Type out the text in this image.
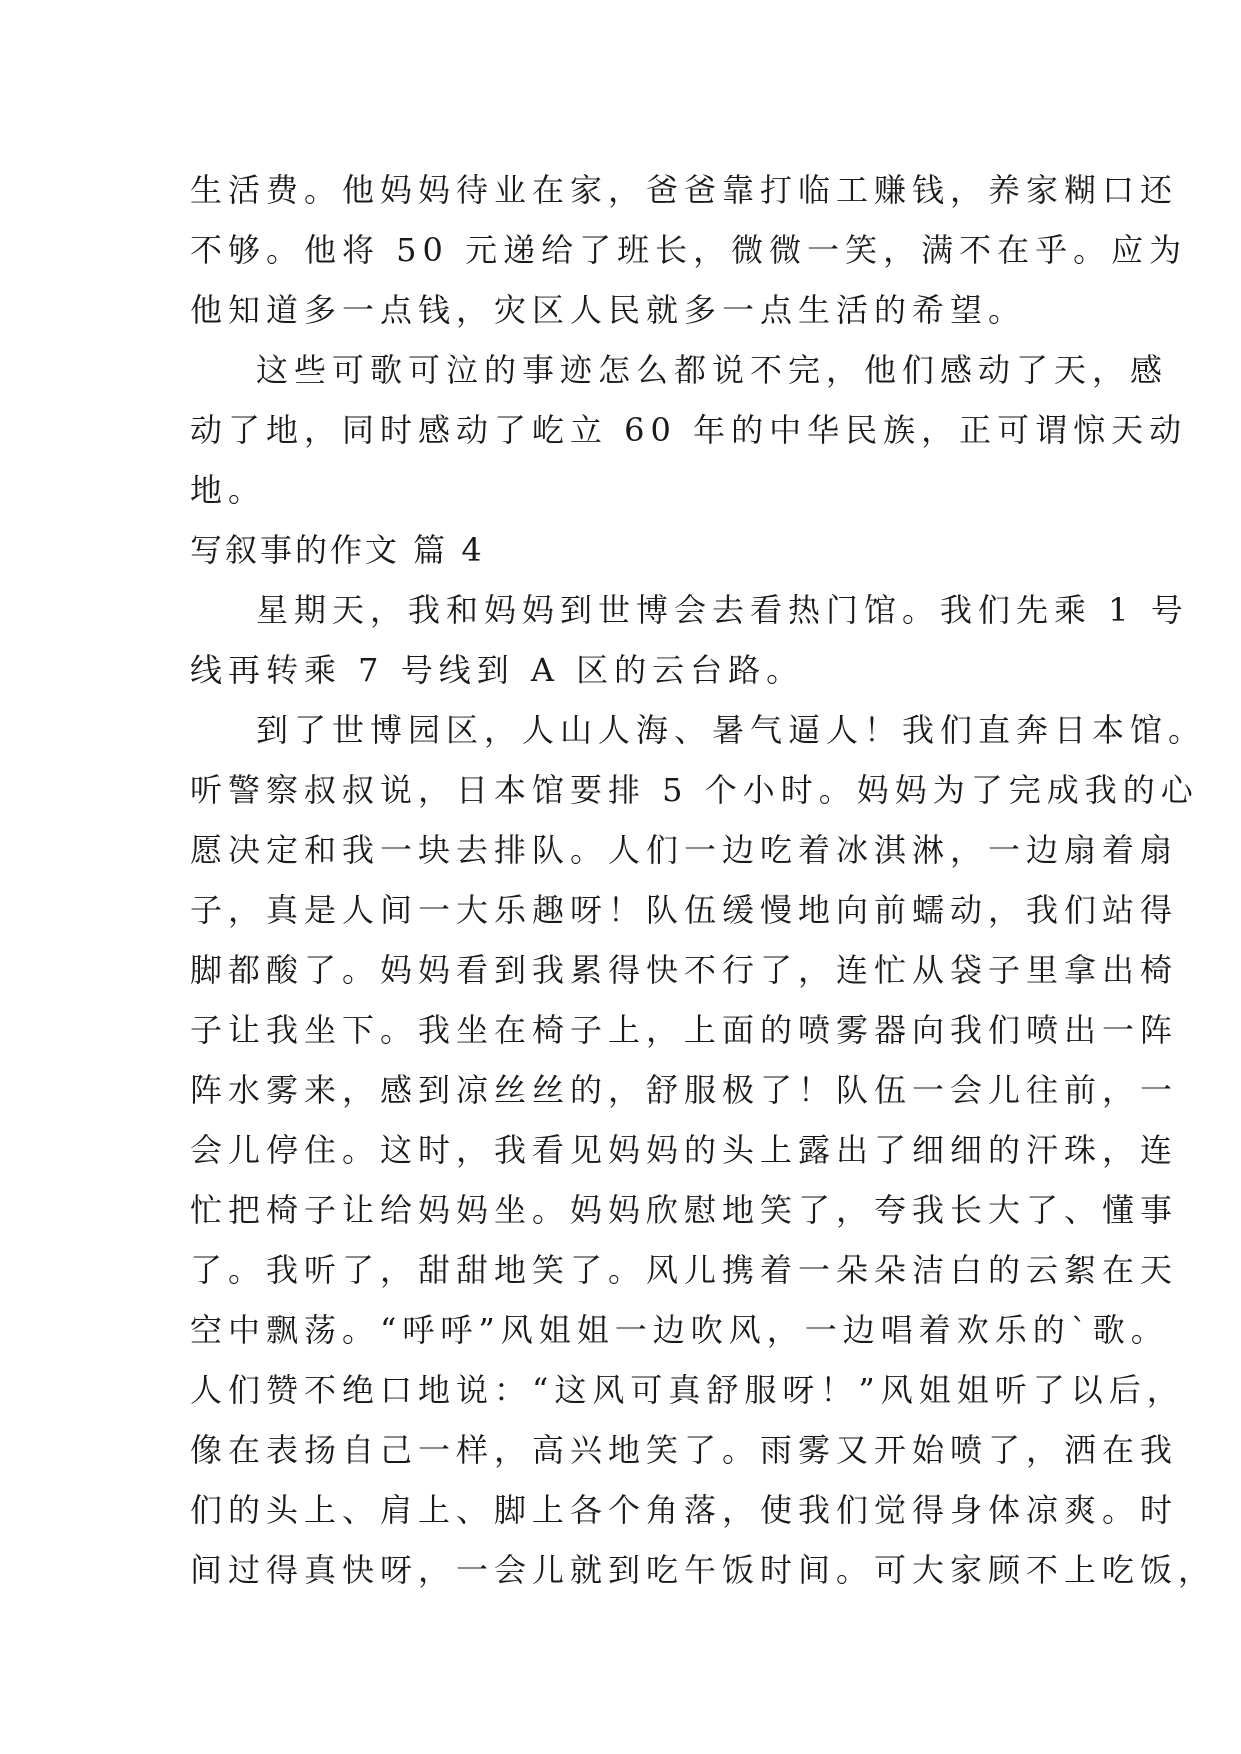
生活费。他妈妈待业在家，爸爸靠打临工赚钱，养家糊口还
不够。他将 50 元递给了班长，微微一笑，满不在乎。应为
他知道多一点钱，灾区人民就多一点生活的希望。
这些可歌可泣的事迹怎么都说不完，他们感动了天，感
动了地，同时感动了屹立 60 年的中华民族，正可谓惊天动
地。
写叙事的作文 篇 4
星期天，我和妈妈到世博会去看热门馆。我们先乘 1 号
线再转乘 7 号线到 A 区的云台路。
到了世博园区，人山人海、暑气逼人！我们直奔日本馆。
听警察叔叔说，日本馆要排 5 个小时。妈妈为了完成我的心
愿决定和我一块去排队。人们一边吃着冰淇淋，一边扇着扇
子，真是人间一大乐趣呀！队伍缓慢地向前蠕动，我们站得
脚都酸了。妈妈看到我累得快不行了，连忙从袋子里拿出椅
子让我坐下。我坐在椅子上，上面的喷雾器向我们喷出一阵
阵水雾来，感到凉丝丝的，舒服极了！队伍一会儿往前，一
会儿停住。这时，我看见妈妈的头上露出了细细的汗珠，连
忙把椅子让给妈妈坐。妈妈欣慰地笑了，夸我长大了、懂事
了。我听了，甜甜地笑了。风儿携着一朵朵洁白的云絮在天
空中飘荡。“呼呼”风姐姐一边吹风，一边唱着欢乐的`歌。
人们赞不绝口地说：“这风可真舒服呀！”风姐姐听了以后，
像在表扬自己一样，高兴地笑了。雨雾又开始喷了，洒在我
们的头上、肩上、脚上各个角落，使我们觉得身体凉爽。时
间过得真快呀，一会儿就到吃午饭时间。可大家顾不上吃饭，
